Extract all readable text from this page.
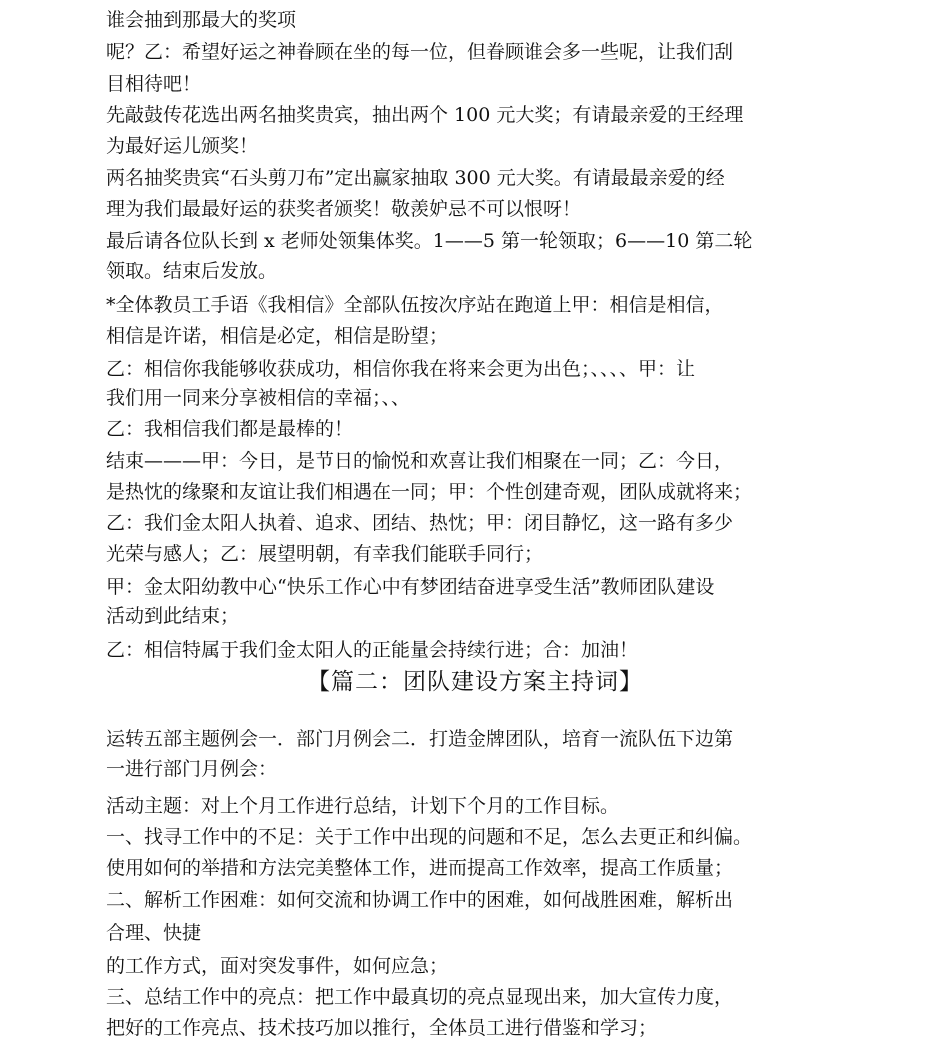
谁会抽到那最大的奖项
呢？乙：希望好运之神眷顾在坐的每一位，但眷顾谁会多一些呢，让我们刮
目相待吧！
先敲鼓传花选出两名抽奖贵宾，抽出两个 100 元大奖；有请最亲爱的王经理
为最好运儿颁奖！
两名抽奖贵宾“石头剪刀布”定出赢家抽取 300 元大奖。有请最最亲爱的经
理为我们最最好运的获奖者颁奖！敬羡妒忌不可以恨呀！
最后请各位队长到 x 老师处领集体奖。1——5 第一轮领取；6——10 第二轮
领取。结束后发放。
*全体教员工手语《我相信》全部队伍按次序站在跑道上甲：相信是相信，
相信是许诺，相信是必定，相信是盼望；
乙：相信你我能够收获成功，相信你我在将来会更为出色；、、、、甲：让
我们用一同来分享被相信的幸福；、、
乙：我相信我们都是最棒的！
结束———甲：今日，是节日的愉悦和欢喜让我们相聚在一同；乙：今日，
是热忱的缘聚和友谊让我们相遇在一同；甲：个性创建奇观，团队成就将来；
乙：我们金太阳人执着、追求、团结、热忱；甲：闭目静忆，这一路有多少
光荣与感人；乙：展望明朝，有幸我们能联手同行；
甲：金太阳幼教中心“快乐工作心中有梦团结奋进享受生活”教师团队建设
活动到此结束；
乙：相信特属于我们金太阳人的正能量会持续行进；合：加油！
【篇二：团队建设方案主持词】
运转五部主题例会一．部门月例会二．打造金牌团队，培育一流队伍下边第
一进行部门月例会：
活动主题：对上个月工作进行总结，计划下个月的工作目标。
一、找寻工作中的不足：关于工作中出现的问题和不足，怎么去更正和纠偏。
使用如何的举措和方法完美整体工作，进而提高工作效率，提高工作质量；
二、解析工作困难：如何交流和协调工作中的困难，如何战胜困难，解析出
合理、快捷
的工作方式，面对突发事件，如何应急；
三、总结工作中的亮点：把工作中最真切的亮点显现出来，加大宣传力度，
把好的工作亮点、技术技巧加以推行，全体员工进行借鉴和学习；
